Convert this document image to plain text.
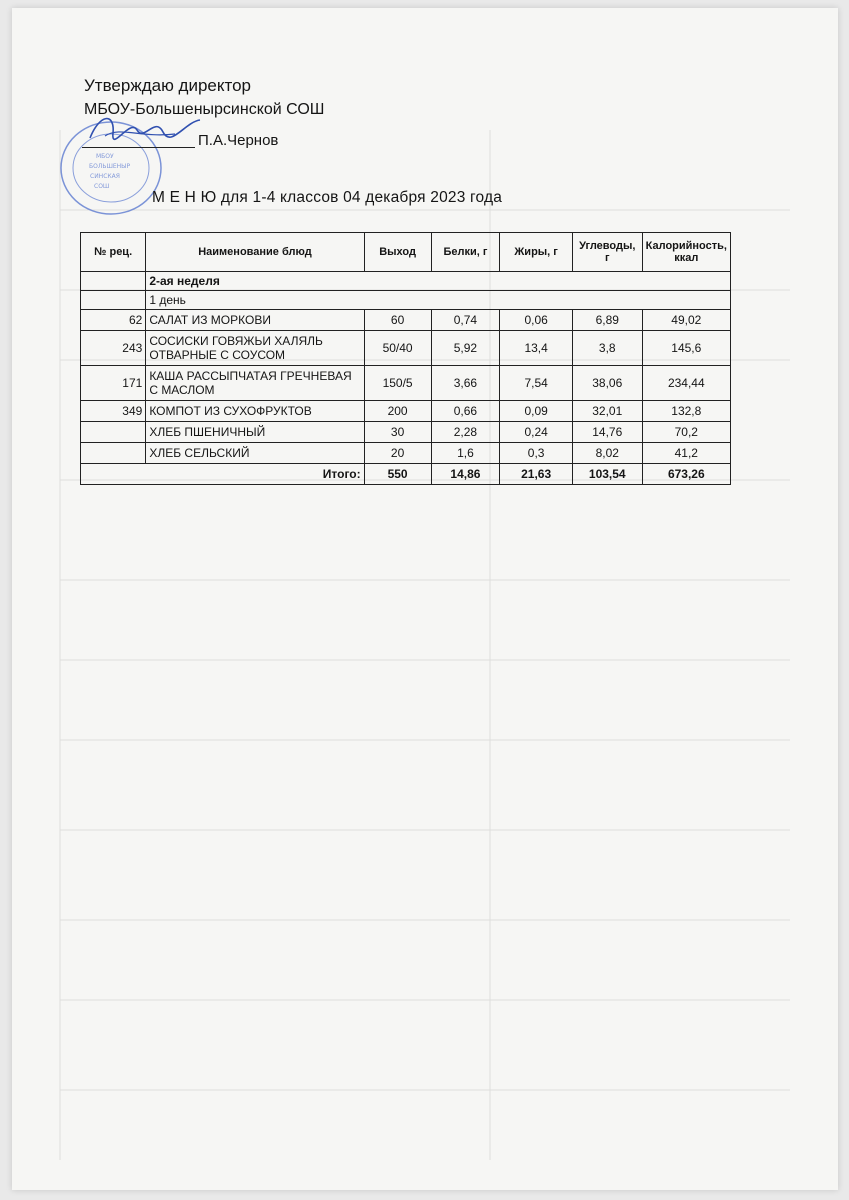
МБОУ
БОЛЬШЕНЫР
СИНСКАЯ
СОШ
Утверждаю директор
МБОУ-Большенырсинской СОШ
П.А.Чернов
М Е Н Ю для 1-4 классов 04 декабря 2023 года
№ рец.	Наименование блюд	Выход	Белки, г	Жиры, г	Углеводы, г	Калорийность, ккал
	2-ая неделя					
	1 день					
62	САЛАТ ИЗ МОРКОВИ	60	0,74	0,06	6,89	49,02
243	СОСИСКИ ГОВЯЖЬИ ХАЛЯЛЬ ОТВАРНЫЕ С СОУСОМ	50/40	5,92	13,4	3,8	145,6
171	КАША РАССЫПЧАТАЯ ГРЕЧНЕВАЯ С МАСЛОМ	150/5	3,66	7,54	38,06	234,44
349	КОМПОТ ИЗ СУХОФРУКТОВ	200	0,66	0,09	32,01	132,8
	ХЛЕБ ПШЕНИЧНЫЙ	30	2,28	0,24	14,76	70,2
	ХЛЕБ СЕЛЬСКИЙ	20	1,6	0,3	8,02	41,2
Итого:		550	14,86	21,63	103,54	673,26
